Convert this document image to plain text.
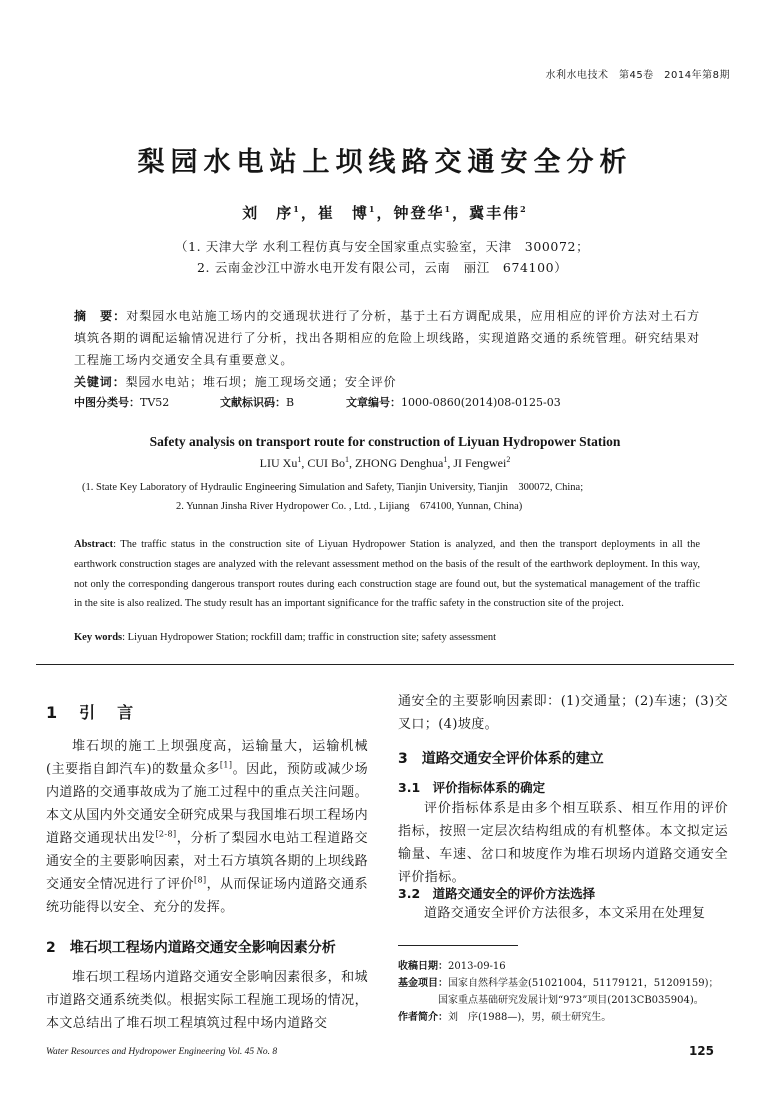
水利水电技术　第45卷　2014年第8期
梨园水电站上坝线路交通安全分析
刘　序$^1$，崔　博$^1$，钟登华$^1$，冀丰伟$^2$
（1. 天津大学 水利工程仿真与安全国家重点实验室，天津　300072；
2. 云南金沙江中游水电开发有限公司，云南　丽江　674100）
摘　要：对梨园水电站施工场内的交通现状进行了分析，基于土石方调配成果，应用相应的评价方法对土石方填筑各期的调配运输情况进行了分析，找出各期相应的危险上坝线路，实现道路交通的系统管理。研究结果对工程施工场内交通安全具有重要意义。
关键词：梨园水电站；堆石坝；施工现场交通；安全评价
中图分类号：TV52	文献标识码：B	文章编号：1000-0860(2014)08-0125-03
Safety analysis on transport route for construction of Liyuan Hydropower Station
LIU Xu$^1$, CUI Bo$^1$, ZHONG Denghua$^1$, JI Fengwei$^2$
(1. State Key Laboratory of Hydraulic Engineering Simulation and Safety, Tianjin University, Tianjin　300072, China;
2. Yunnan Jinsha River Hydropower Co. , Ltd. , Lijiang　674100, Yunnan, China)
Abstract: The traffic status in the construction site of Liyuan Hydropower Station is analyzed, and then the transport deployments in all the earthwork construction stages are analyzed with the relevant assessment method on the basis of the result of the earthwork deployment. In this way, not only the corresponding dangerous transport routes during each construction stage are found out, but the systematical management of the traffic in the site is also realized. The study result has an important significance for the traffic safety in the construction site of the project.
Key words: Liyuan Hydropower Station; rockfill dam; traffic in construction site; safety assessment
1　引　言

堆石坝的施工上坝强度高，运输量大，运输机械(主要指自卸汽车)的数量众多[1]。因此，预防或减少场内道路的交通事故成为了施工过程中的重点关注问题。本文从国内外交通安全研究成果与我国堆石坝工程场内道路交通现状出发[2-8]，分析了梨园水电站工程道路交通安全的主要影响因素，对土石方填筑各期的上坝线路交通安全情况进行了评价[8]，从而保证场内道路交通系统功能得以安全、充分的发挥。

2　堆石坝工程场内道路交通安全影响因素分析

堆石坝工程场内道路交通安全影响因素很多，和城市道路交通系统类似。根据实际工程施工现场的情况，本文总结出了堆石坝工程填筑过程中场内道路交

通安全的主要影响因素即：(1)交通量；(2)车速；(3)交叉口；(4)坡度。
3　道路交通安全评价体系的建立
3.1　评价指标体系的确定

评价指标体系是由多个相互联系、相互作用的评价指标，按照一定层次结构组成的有机整体。本文拟定运输量、车速、岔口和坡度作为堆石坝场内道路交通安全评价指标。

3.2　道路交通安全的评价方法选择

道路交通安全评价方法很多，本文采用在处理复

收稿日期：2013-09-16
基金项目：国家自然科学基金(51021004，51179121，51209159)；国家重点基础研究发展计划“973”项目(2013CB035904)。
作者简介：刘　序(1988—)，男，硕士研究生。
Water Resources and Hydropower Engineering Vol. 45 No. 8	125
